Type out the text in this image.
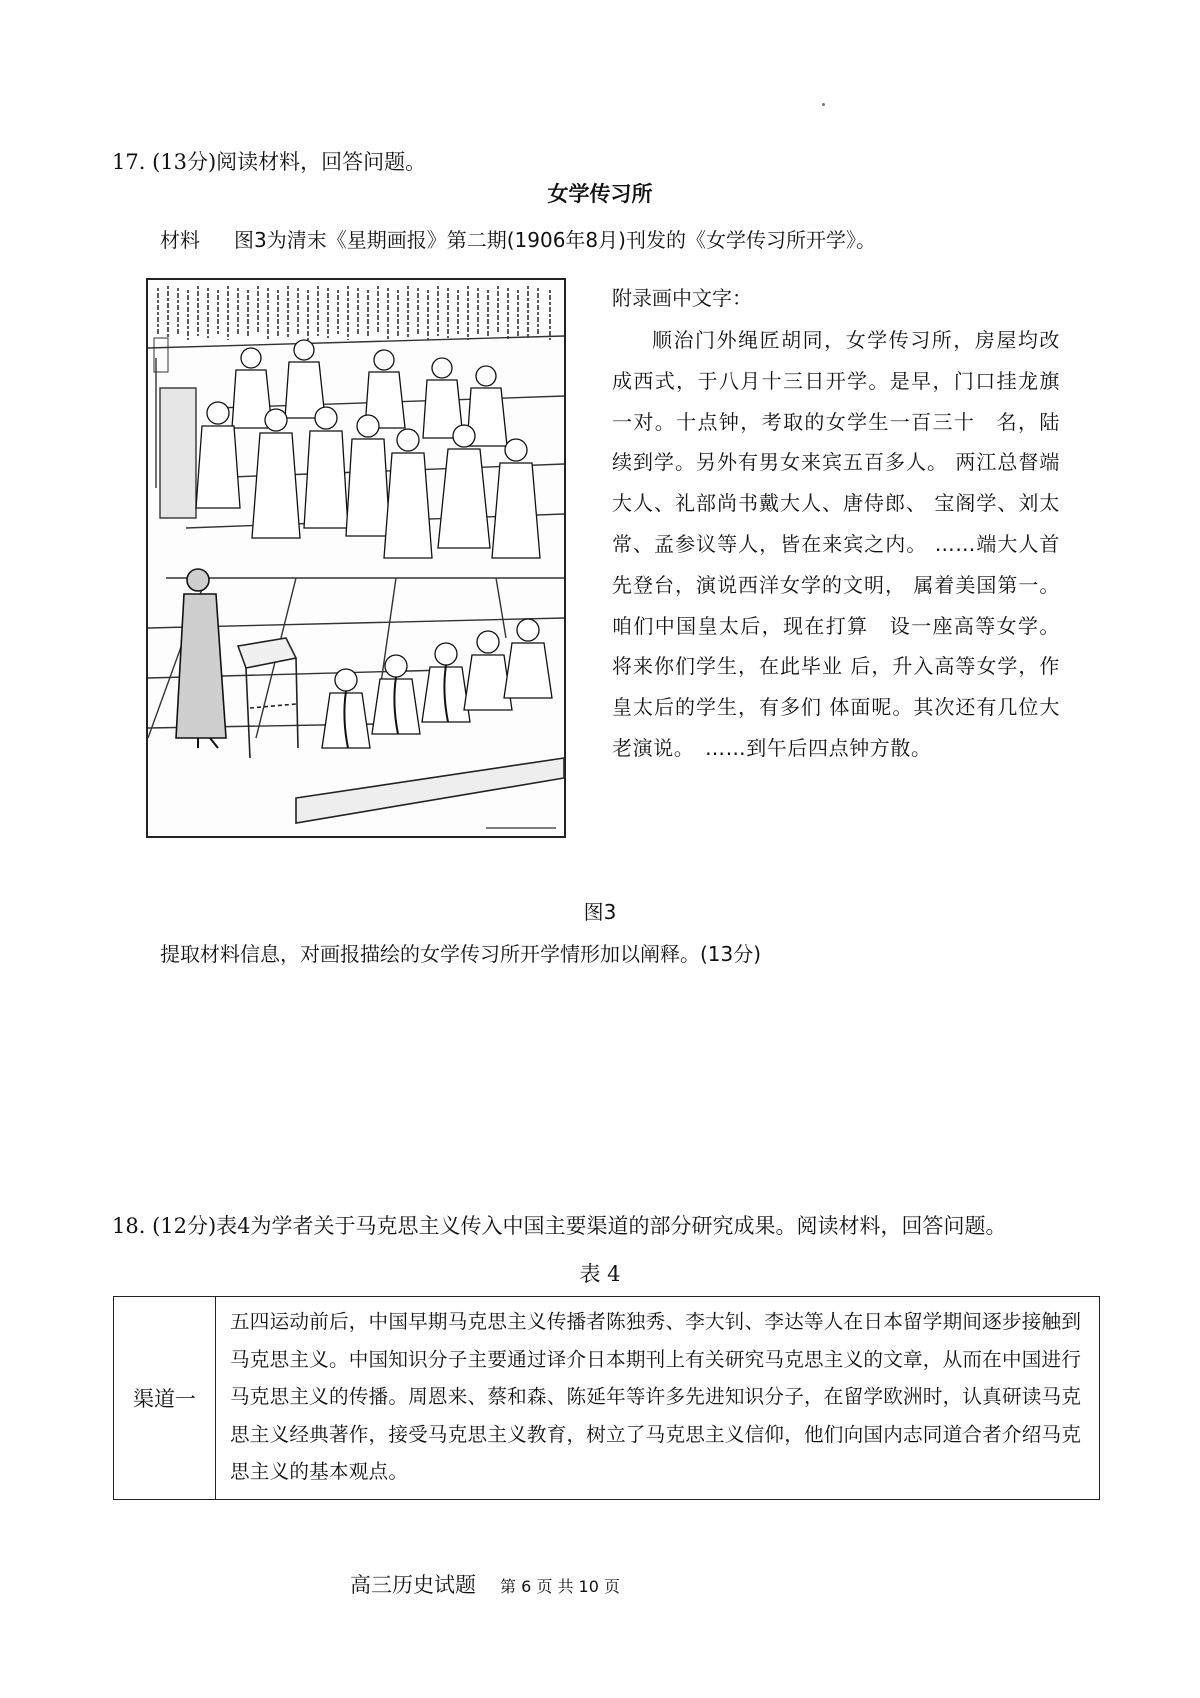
17. (13分)阅读材料，回答问题。
女学传习所
材料 图3为清末《星期画报》第二期(1906年8月)刊发的《女学传习所开学》。
附录画中文字：
顺治门外绳匠胡同，女学传习所，房屋均改成西式，于八月十三日开学。是早，门口挂龙旗一对。十点钟，考取的女学生一百三十　名，陆续到学。另外有男女来宾五百多人。 两江总督端大人、礼部尚书戴大人、唐侍郎、 宝阁学、刘太常、孟参议等人，皆在来宾之内。 ……端大人首先登台，演说西洋女学的文明， 属着美国第一。咱们中国皇太后，现在打算　设一座高等女学。将来你们学生，在此毕业 后，升入高等女学，作皇太后的学生，有多们 体面呢。其次还有几位大老演说。　……到午后四点钟方散。
图3
提取材料信息，对画报描绘的女学传习所开学情形加以阐释。(13分)
18. (12分)表4为学者关于马克思主义传入中国主要渠道的部分研究成果。阅读材料，回答问题。
表 4
渠道一	五四运动前后，中国早期马克思主义传播者陈独秀、李大钊、李达等人在日本留学期间逐步接触到马克思主义。中国知识分子主要通过译介日本期刊上有关研究马克思主义的文章，从而在中国进行马克思主义的传播。周恩来、蔡和森、陈延年等许多先进知识分子，在留学欧洲时，认真研读马克思主义经典著作，接受马克思主义教育，树立了马克思主义信仰，他们向国内志同道合者介绍马克思主义的基本观点。
高三历史试题 第 6 页 共 10 页
